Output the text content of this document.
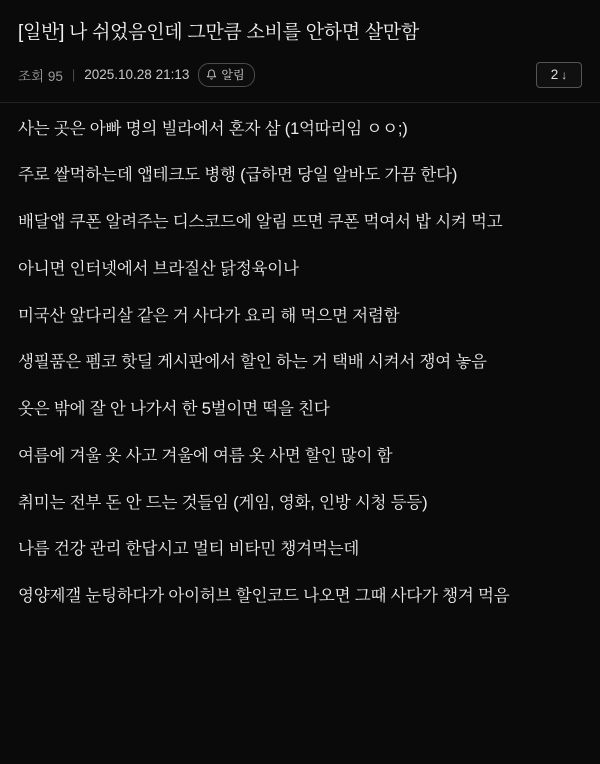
[일반] 나 쉬었음인데 그만큼 소비를 안하면 살만함
조회 95 | 2025.10.28 21:13	알림	2 ↓

사는 곳은 아빠 명의 빌라에서 혼자 삼 (1억따리임 ㅇㅇ;)

주로 쌀먹하는데 앱테크도 병행 (급하면 당일 알바도 가끔 한다)

배달앱 쿠폰 알려주는 디스코드에 알림 뜨면 쿠폰 먹여서 밥 시켜 먹고

아니면 인터넷에서 브라질산 닭정육이나

미국산 앞다리살 같은 거 사다가 요리 해 먹으면 저렴함

생필품은 펨코 핫딜 게시판에서 할인 하는 거 택배 시켜서 쟁여 놓음

옷은 밖에 잘 안 나가서 한 5벌이면 떡을 친다

여름에 겨울 옷 사고 겨울에 여름 옷 사면 할인 많이 함

취미는 전부 돈 안 드는 것들임 (게임, 영화, 인방 시청 등등)

나름 건강 관리 한답시고 멀티 비타민 챙겨먹는데

영양제갤 눈팅하다가 아이허브 할인코드 나오면 그때 사다가 챙겨 먹음
